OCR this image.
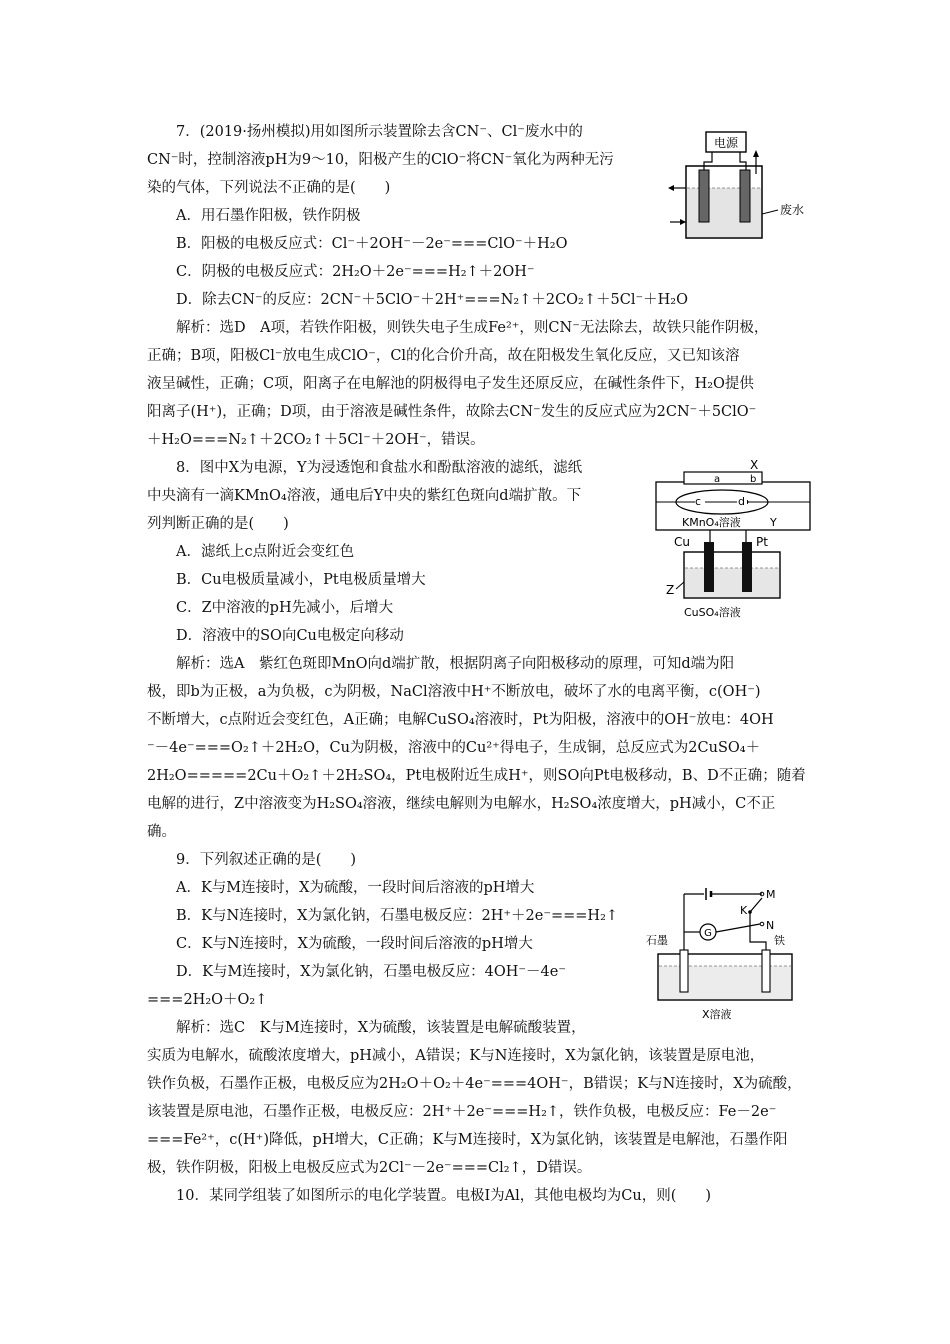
7．(2019·扬州模拟)用如图所示装置除去含CN⁻、Cl⁻废水中的
CN⁻时，控制溶液pH为9～10，阳极产生的ClO⁻将CN⁻氧化为两种无污
染的气体，下列说法不正确的是(　　)
A．用石墨作阳极，铁作阴极
B．阳极的电极反应式：Cl⁻＋2OH⁻－2e⁻===ClO⁻＋H₂O
C．阴极的电极反应式：2H₂O＋2e⁻===H₂↑＋2OH⁻
D．除去CN⁻的反应：2CN⁻＋5ClO⁻＋2H⁺===N₂↑＋2CO₂↑＋5Cl⁻＋H₂O
解析：选D　A项，若铁作阳极，则铁失电子生成Fe²⁺，则CN⁻无法除去，故铁只能作阴极，
正确；B项，阳极Cl⁻放电生成ClO⁻，Cl的化合价升高，故在阳极发生氧化反应，又已知该溶
液呈碱性，正确；C项，阳离子在电解池的阴极得电子发生还原反应，在碱性条件下，H₂O提供
阳离子(H⁺)，正确；D项，由于溶液是碱性条件，故除去CN⁻发生的反应式应为2CN⁻＋5ClO⁻
＋H₂O===N₂↑＋2CO₂↑＋5Cl⁻＋2OH⁻，错误。
电源
废水
8．图中X为电源，Y为浸透饱和食盐水和酚酞溶液的滤纸，滤纸
中央滴有一滴KMnO₄溶液，通电后Y中央的紫红色斑向d端扩散。下
列判断正确的是(　　)
A．滤纸上c点附近会变红色
B．Cu电极质量减小，Pt电极质量增大
C．Z中溶液的pH先减小，后增大
D．溶液中的SO向Cu电极定向移动
解析：选A　紫红色斑即MnO向d端扩散，根据阴离子向阳极移动的原理，可知d端为阳
极，即b为正极，a为负极，c为阴极，NaCl溶液中H⁺不断放电，破坏了水的电离平衡，c(OH⁻)
不断增大，c点附近会变红色，A正确；电解CuSO₄溶液时，Pt为阳极，溶液中的OH⁻放电：4OH
⁻－4e⁻===O₂↑＋2H₂O，Cu为阴极，溶液中的Cu²⁺得电子，生成铜，总反应式为2CuSO₄＋
2H₂O=====2Cu＋O₂↑＋2H₂SO₄，Pt电极附近生成H⁺，则SO向Pt电极移动，B、D不正确；随着
电解的进行，Z中溶液变为H₂SO₄溶液，继续电解则为电解水，H₂SO₄浓度增大，pH减小，C不正
确。
X
a	b
c	d
KMnO₄溶液	Y
Cu	Pt
Z
CuSO₄溶液
9．下列叙述正确的是(　　)
A．K与M连接时，X为硫酸，一段时间后溶液的pH增大
B．K与N连接时，X为氯化钠，石墨电极反应：2H⁺＋2e⁻===H₂↑
C．K与N连接时，X为硫酸，一段时间后溶液的pH增大
D．K与M连接时，X为氯化钠，石墨电极反应：4OH⁻－4e⁻
===2H₂O＋O₂↑
解析：选C　K与M连接时，X为硫酸，该装置是电解硫酸装置，
实质为电解水，硫酸浓度增大，pH减小，A错误；K与N连接时，X为氯化钠，该装置是原电池，
铁作负极，石墨作正极，电极反应为2H₂O＋O₂＋4e⁻===4OH⁻，B错误；K与N连接时，X为硫酸，
该装置是原电池，石墨作正极，电极反应：2H⁺＋2e⁻===H₂↑，铁作负极，电极反应：Fe－2e⁻
===Fe²⁺，c(H⁺)降低，pH增大，C正确；K与M连接时，X为氯化钠，该装置是电解池，石墨作阳
极，铁作阴极，阳极上电极反应式为2Cl⁻－2e⁻===Cl₂↑，D错误。
M
K
N
G
石墨	铁
X溶液
10．某同学组装了如图所示的电化学装置。电极Ⅰ为Al，其他电极均为Cu，则(　　)
